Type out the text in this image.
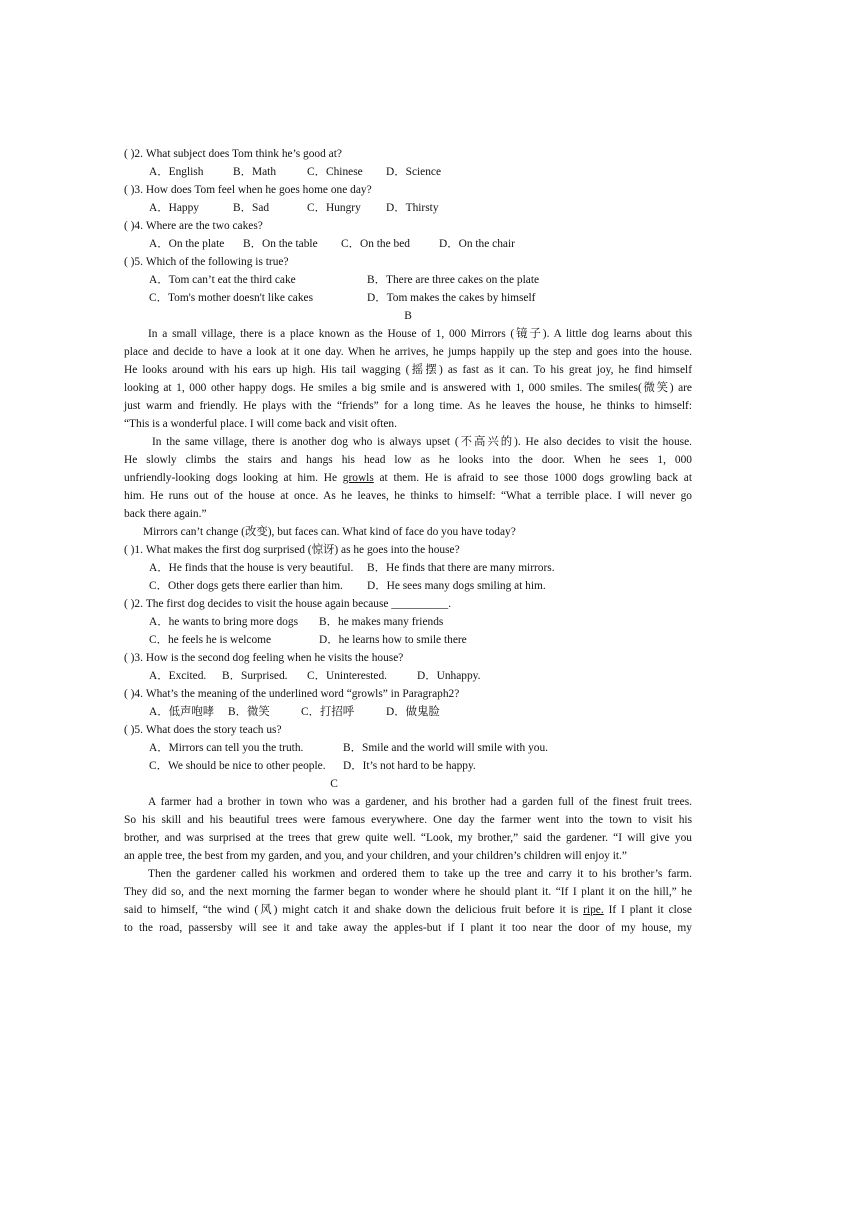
( )2. What subject does Tom think he’s good at?
A．English	B．Math	C．Chinese D．Science
( )3. How does Tom feel when he goes home one day?
A．Happy	B．Sad	C．Hungry D．Thirsty
( )4. Where are the two cakes?
A．On the plate B．On the table C．On the bed	D．On the chair
( )5. Which of the following is true?
A．Tom can’t eat the third cake	B．There are three cakes on the plate
C．Tom's mother doesn't like cakes	D．Tom makes the cakes by himself
B
In a small village, there is a place known as the House of 1, 000 Mirrors (镜子). A little dog learns about this
place and decide to have a look at it one day. When he arrives, he jumps happily up the step and goes into the house.
He looks around with his ears up high. His tail wagging (摇摆) as fast as it can. To his great joy, he find himself
looking at 1, 000 other happy dogs. He smiles a big smile and is answered with 1, 000 smiles. The smiles(微笑) are
just warm and friendly. He plays with the “friends” for a long time. As he leaves the house, he thinks to himself:
“This is a wonderful place. I will come back and visit often.
In the same village, there is another dog who is always upset (不高兴的). He also decides to visit the house.
He slowly climbs the stairs and hangs his head low as he looks into the door. When he sees 1, 000
unfriendly-looking dogs looking at him. He growls at them. He is afraid to see those 1000 dogs growling back at
him. He runs out of the house at once. As he leaves, he thinks to himself: “What a terrible place. I will never go
back there again.”
Mirrors can’t change (改变), but faces can. What kind of face do you have today?
( )1. What makes the first dog surprised (惊讶) as he goes into the house?
A．He finds that the house is very beautiful. B．He finds that there are many mirrors.
C．Other dogs gets there earlier than him. D．He sees many dogs smiling at him.
( )2. The first dog decides to visit the house again because __________.
A．he wants to bring more dogs B．he makes many friends
C．he feels he is welcome	D．he learns how to smile there
( )3. How is the second dog feeling when he visits the house?
A．Excited. B．Surprised. C．Uninterested.	D．Unhappy.
( )4. What’s the meaning of the underlined word “growls” in Paragraph2?
A．低声咆哮 B．微笑	C．打招呼	D．做鬼脸
( )5. What does the story teach us?
A．Mirrors can tell you the truth.	B．Smile and the world will smile with you.
C．We should be nice to other people. D．It’s not hard to be happy.
C
A farmer had a brother in town who was a gardener, and his brother had a garden full of the finest fruit trees.
So his skill and his beautiful trees were famous everywhere. One day the farmer went into the town to visit his
brother, and was surprised at the trees that grew quite well. “Look, my brother,” said the gardener. “I will give you
an apple tree, the best from my garden, and you, and your children, and your children’s children will enjoy it.”
Then the gardener called his workmen and ordered them to take up the tree and carry it to his brother’s farm.
They did so, and the next morning the farmer began to wonder where he should plant it. “If I plant it on the hill,” he
said to himself, “the wind (风) might catch it and shake down the delicious fruit before it is ripe. If I plant it close
to the road, passersby will see it and take away the apples-but if I plant it too near the door of my house, my
